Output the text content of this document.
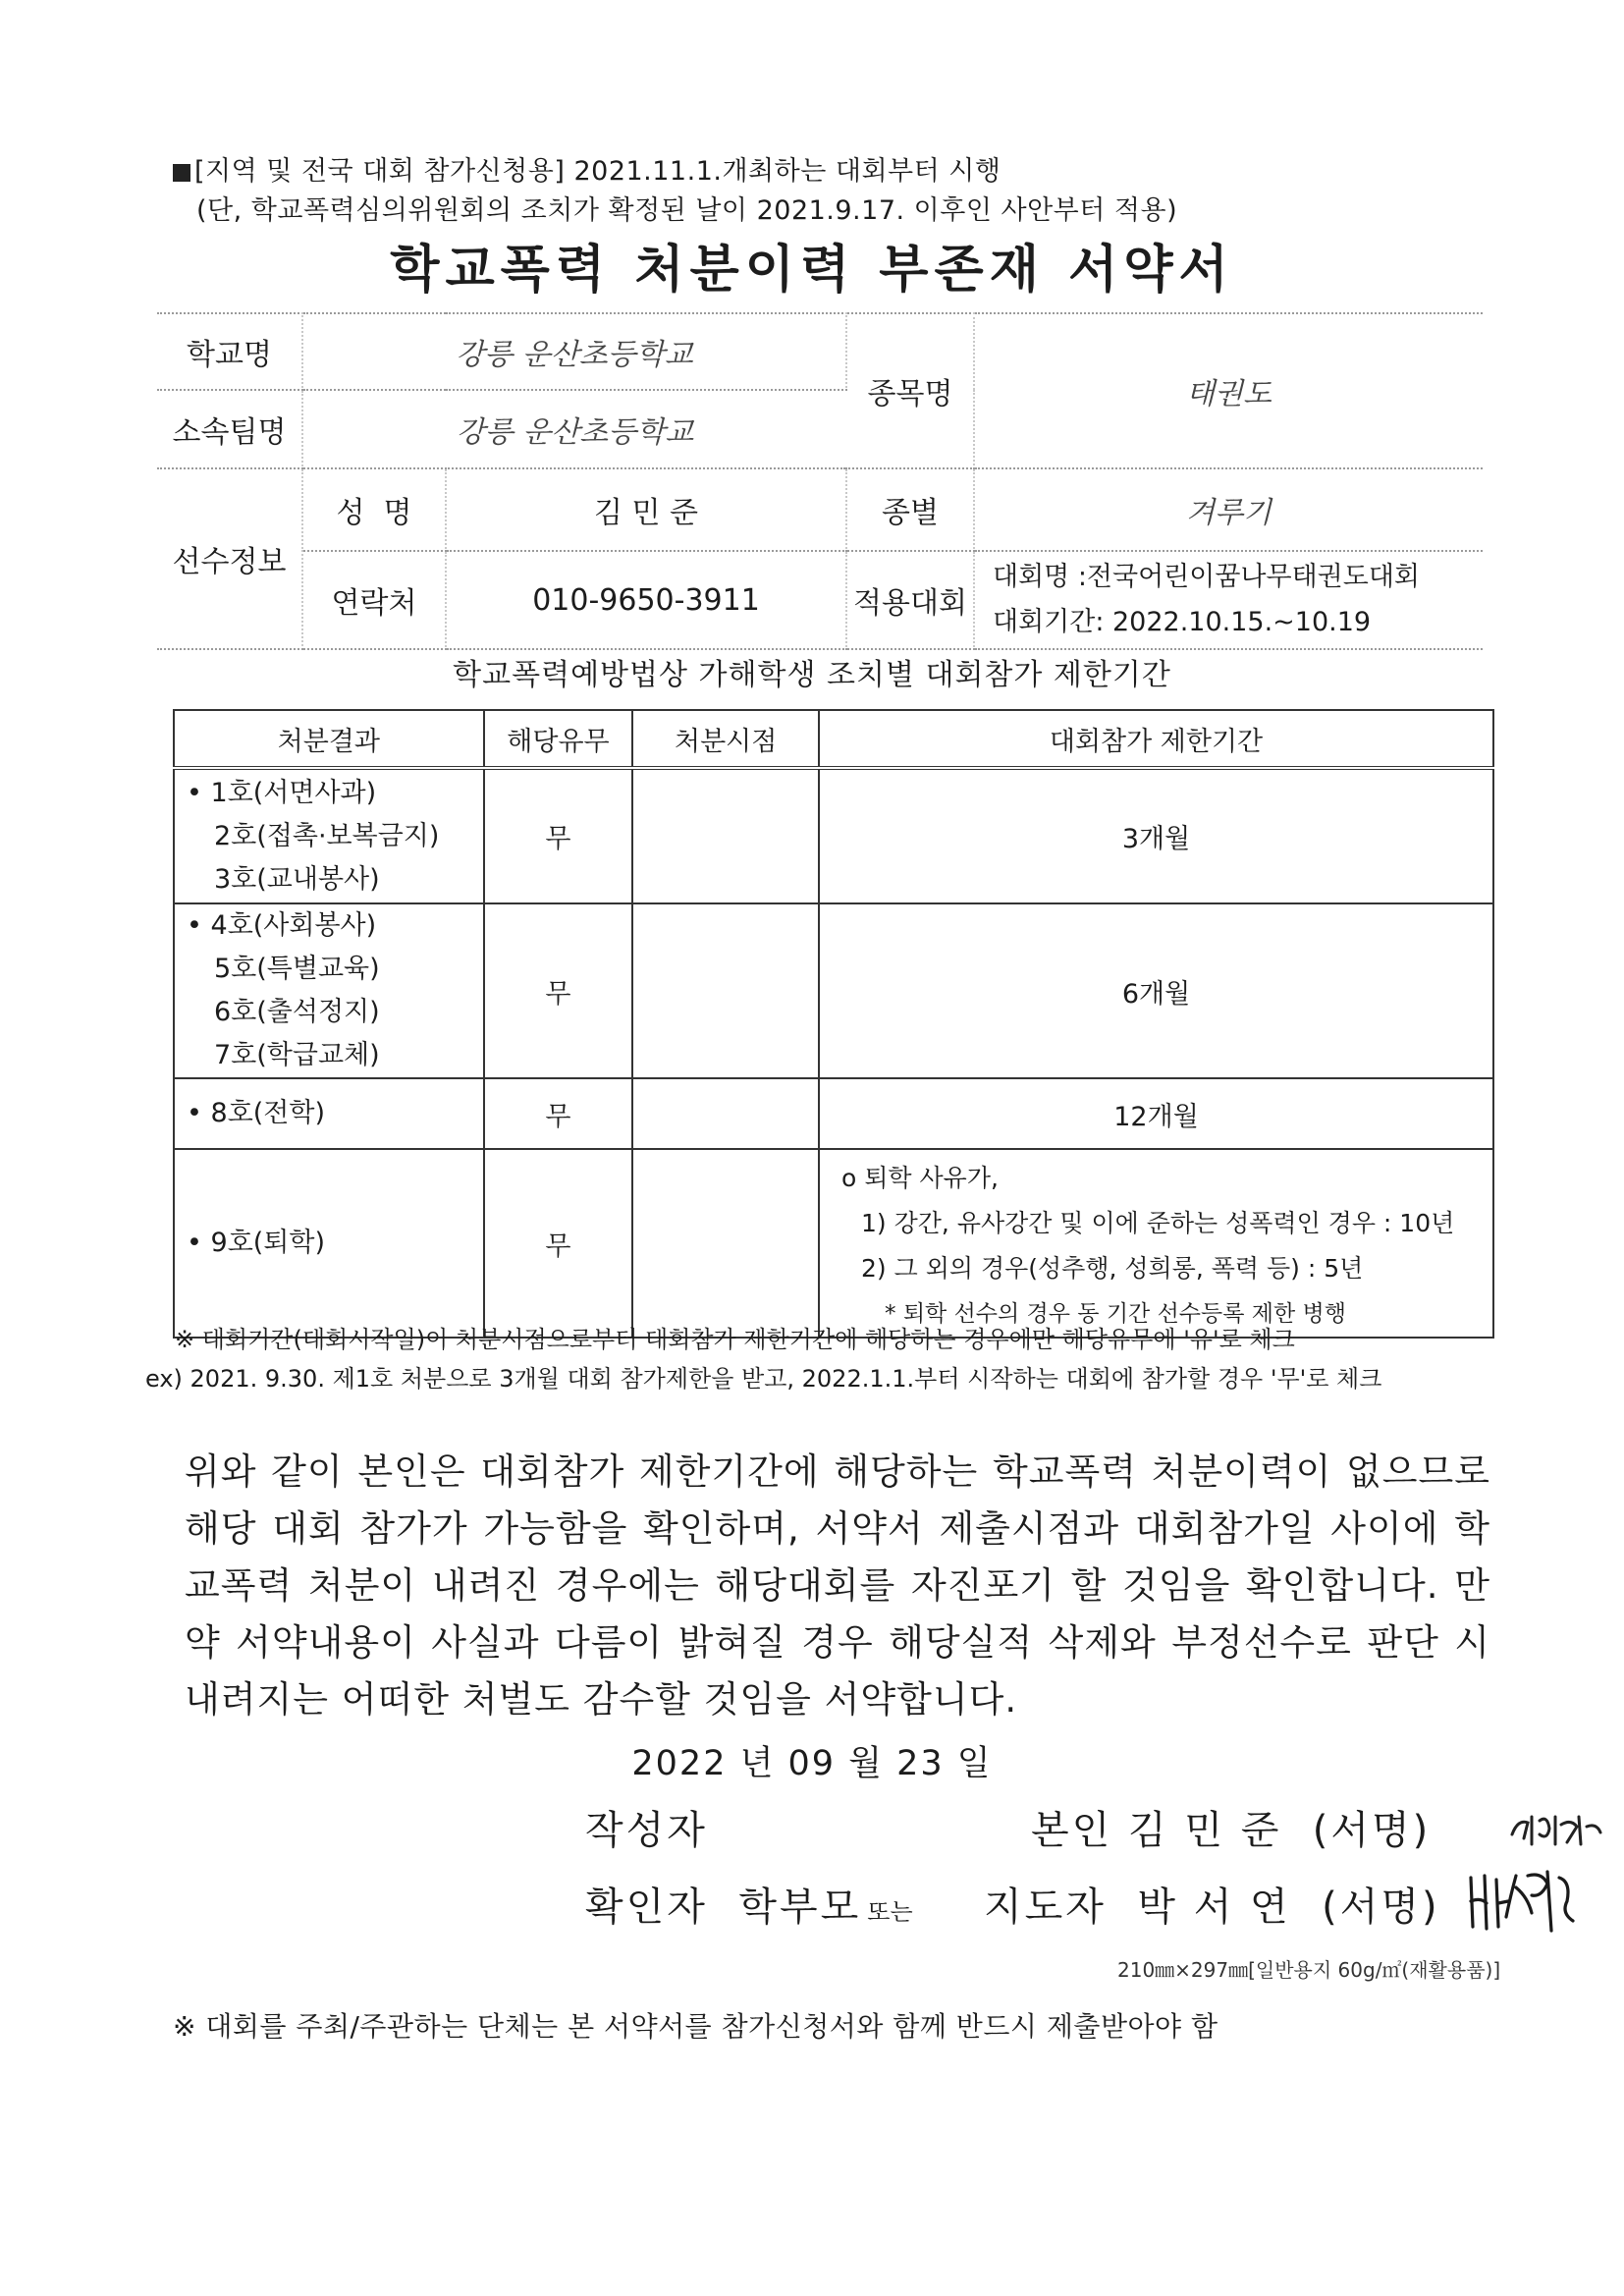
[지역 및 전국 대회 참가신청용] 2021.11.1.개최하는 대회부터 시행
(단, 학교폭력심의위원회의 조치가 확정된 날이 2021.9.17. 이후인 사안부터 적용)
학교폭력 처분이력 부존재 서약서
학교명	강릉 운산초등학교		종목명	태권도
소속팀명	강릉 운산초등학교			
선수정보	성  명	김 민 준	종별	겨루기
	연락처	010-9650-3911	적용대회	대회명 :전국어린이꿈나무태권도대회
대회기간: 2022.10.15.~10.19
학교폭력예방법상 가해학생 조치별 대회참가 제한기간
처분결과	해당유무	처분시점	대회참가 제한기간

• 1호(서면사과)
2호(접촉·보복금지)
3호(교내봉사)	무		3개월

• 4호(사회봉사)
5호(특별교육)
6호(출석정지)
7호(학급교체)	무		6개월

• 8호(전학)	무		12개월

• 9호(퇴학)	무		o 퇴학 사유가,
1) 강간, 유사강간 및 이에 준하는 성폭력인 경우 : 10년
2) 그 외의 경우(성추행, 성희롱, 폭력 등) : 5년
* 퇴학 선수의 경우 동 기간 선수등록 제한 병행
※ 대회기간(대회시작일)이 처분시점으로부터 대회참가 제한기간에 해당하는 경우에만 해당유무에 '유'로 체크
ex) 2021. 9.30. 제1호 처분으로 3개월 대회 참가제한을 받고, 2022.1.1.부터 시작하는 대회에 참가할 경우 '무'로 체크
위와 같이 본인은 대회참가 제한기간에 해당하는 학교폭력 처분이력이 없으므로 해당 대회 참가가 가능함을 확인하며, 서약서 제출시점과 대회참가일 사이에 학교폭력 처분이 내려진 경우에는 해당대회를 자진포기 할 것임을 확인합니다. 만약 서약내용이 사실과 다름이 밝혀질 경우 해당실적 삭제와 부정선수로 판단 시 내려지는 어떠한 처벌도 감수할 것임을 서약합니다.
2022 년 09 월 23 일
작성자	본인 김 민 준  (서명)
확인자  학부모 또는 지도자  박 서 연  (서명)
210㎜×297㎜[일반용지 60g/㎡(재활용품)]
※ 대회를 주최/주관하는 단체는 본 서약서를 참가신청서와 함께 반드시 제출받아야 함
